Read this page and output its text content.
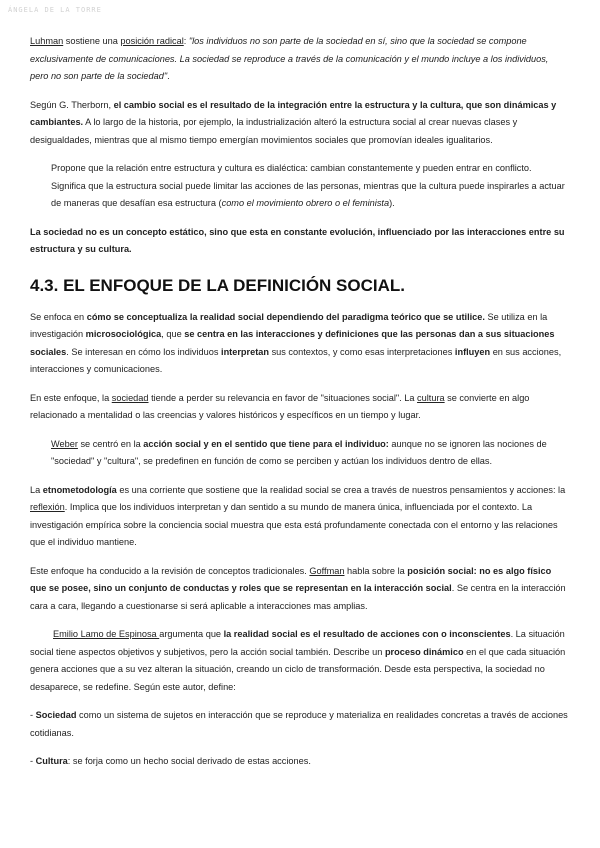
ÁNGELA DE LA TORRE

Luhman sostiene una posición radical: "los individuos no son parte de la sociedad en sí, sino que la sociedad se compone exclusivamente de comunicaciones. La sociedad se reproduce a través de la comunicación y el mundo incluye a los individuos, pero no son parte de la sociedad".

Según G. Therborn, el cambio social es el resultado de la integración entre la estructura y la cultura, que son dinámicas y cambiantes. A lo largo de la historia, por ejemplo, la industrialización alteró la estructura social al crear nuevas clases y desigualdades, mientras que al mismo tiempo emergían movimientos sociales que promovían ideales igualitarios.

Propone que la relación entre estructura y cultura es dialéctica: cambian constantemente y pueden entrar en conflicto. Significa que la estructura social puede limitar las acciones de las personas, mientras que la cultura puede inspirarles a actuar de maneras que desafían esa estructura (como el movimiento obrero o el feminista).

La sociedad no es un concepto estático, sino que esta en constante evolución, influenciado por las interacciones entre su estructura y su cultura.

4.3. EL ENFOQUE DE LA DEFINICIÓN SOCIAL.

Se enfoca en cómo se conceptualiza la realidad social dependiendo del paradigma teórico que se utilice. Se utiliza en la investigación microsociológica, que se centra en las interacciones y definiciones que las personas dan a sus situaciones sociales. Se interesan en cómo los individuos interpretan sus contextos, y como esas interpretaciones influyen en sus acciones, interacciones y comunicaciones.

En este enfoque, la sociedad tiende a perder su relevancia en favor de "situaciones social". La cultura se convierte en algo relacionado a mentalidad o las creencias y valores históricos y específicos en un tiempo y lugar.

Weber se centró en la acción social y en el sentido que tiene para el individuo: aunque no se ignoren las nociones de "sociedad" y "cultura", se predefinen en función de como se perciben y actúan los individuos dentro de ellas.

La etnometodología es una corriente que sostiene que la realidad social se crea a través de nuestros pensamientos y acciones: la reflexión. Implica que los individuos interpretan y dan sentido a su mundo de manera única, influenciada por el contexto. La investigación empírica sobre la conciencia social muestra que esta está profundamente conectada con el entorno y las relaciones que el individuo mantiene.

Este enfoque ha conducido a la revisión de conceptos tradicionales. Goffman habla sobre la posición social: no es algo físico que se posee, sino un conjunto de conductas y roles que se representan en la interacción social. Se centra en la interacción cara a cara, llegando a cuestionarse si será aplicable a interacciones mas amplias.

Emilio Lamo de Espinosa argumenta que la realidad social es el resultado de acciones con o inconscientes. La situación social tiene aspectos objetivos y subjetivos, pero la acción social también. Describe un proceso dinámico en el que cada situación genera acciones que a su vez alteran la situación, creando un ciclo de transformación. Desde esta perspectiva, la sociedad no desaparece, se redefine. Según este autor, define:

- Sociedad como un sistema de sujetos en interacción que se reproduce y materializa en realidades concretas a través de acciones cotidianas.

- Cultura: se forja como un hecho social derivado de estas acciones.
